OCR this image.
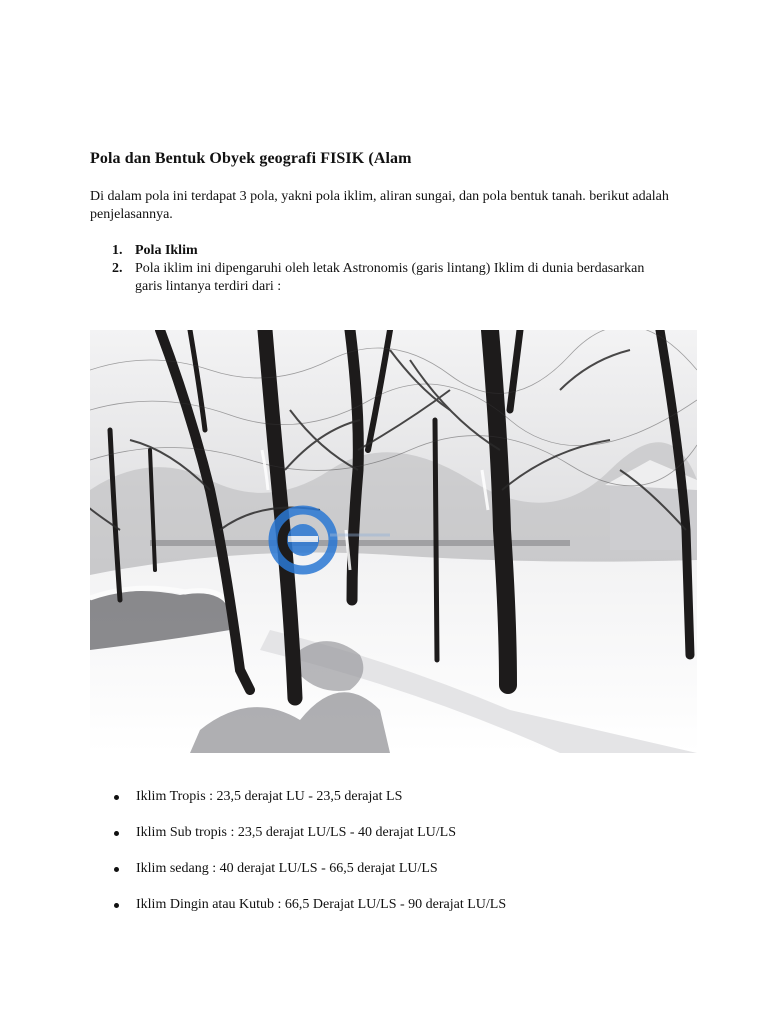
Pola dan Bentuk Obyek geografi FISIK (Alam
Di dalam pola ini terdapat 3 pola, yakni pola iklim, aliran sungai, dan pola bentuk tanah. berikut adalah penjelasannya.
1. Pola Iklim
2. Pola iklim ini dipengaruhi oleh letak Astronomis (garis lintang) Iklim di dunia berdasarkan garis lintanya terdiri dari :
Iklim Tropis : 23,5 derajat LU - 23,5 derajat LS
Iklim Sub tropis : 23,5 derajat LU/LS - 40 derajat LU/LS
Iklim sedang : 40 derajat LU/LS - 66,5 derajat LU/LS
Iklim Dingin atau Kutub : 66,5 Derajat LU/LS - 90 derajat LU/LS
